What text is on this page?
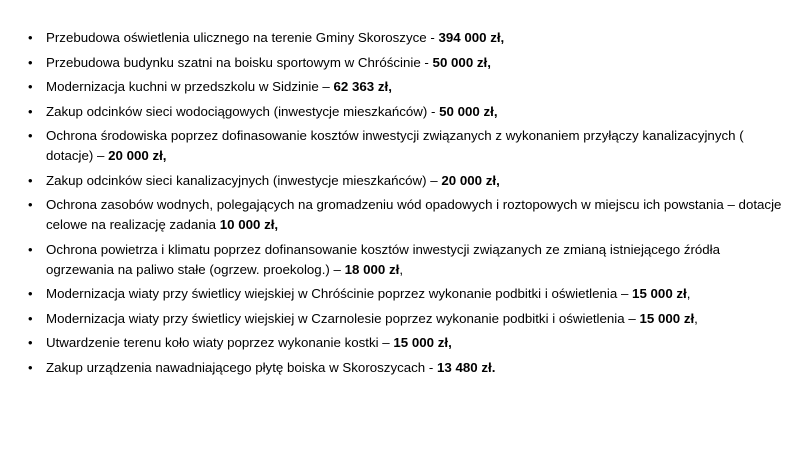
• Przebudowa oświetlenia ulicznego na terenie Gminy Skoroszyce - 394 000 zł,
• Przebudowa budynku szatni na boisku sportowym w Chróścinie - 50 000 zł,
• Modernizacja kuchni w przedszkolu w Sidzinie – 62 363 zł,
• Zakup odcinków sieci wodociągowych (inwestycje mieszkańców) - 50 000 zł,
• Ochrona środowiska poprzez dofinasowanie kosztów inwestycji związanych z wykonaniem przyłączy kanalizacyjnych ( dotacje) – 20 000 zł,
• Zakup odcinków sieci kanalizacyjnych (inwestycje mieszkańców) – 20 000 zł,
• Ochrona zasobów wodnych, polegających na gromadzeniu wód opadowych i roztopowych w miejscu ich powstania – dotacje celowe na realizację zadania 10 000 zł,
• Ochrona powietrza i klimatu poprzez dofinansowanie kosztów inwestycji związanych ze zmianą istniejącego źródła ogrzewania na paliwo stałe (ogrzew. proekolog.) – 18 000 zł,
• Modernizacja wiaty przy świetlicy wiejskiej w Chróścinie poprzez wykonanie podbitki i oświetlenia – 15 000 zł,
• Modernizacja wiaty przy świetlicy wiejskiej w Czarnolesie poprzez wykonanie podbitki i oświetlenia – 15 000 zł,
• Utwardzenie terenu koło wiaty poprzez wykonanie kostki – 15 000 zł,
• Zakup urządzenia nawadniającego płytę boiska w Skoroszycach - 13 480 zł.
